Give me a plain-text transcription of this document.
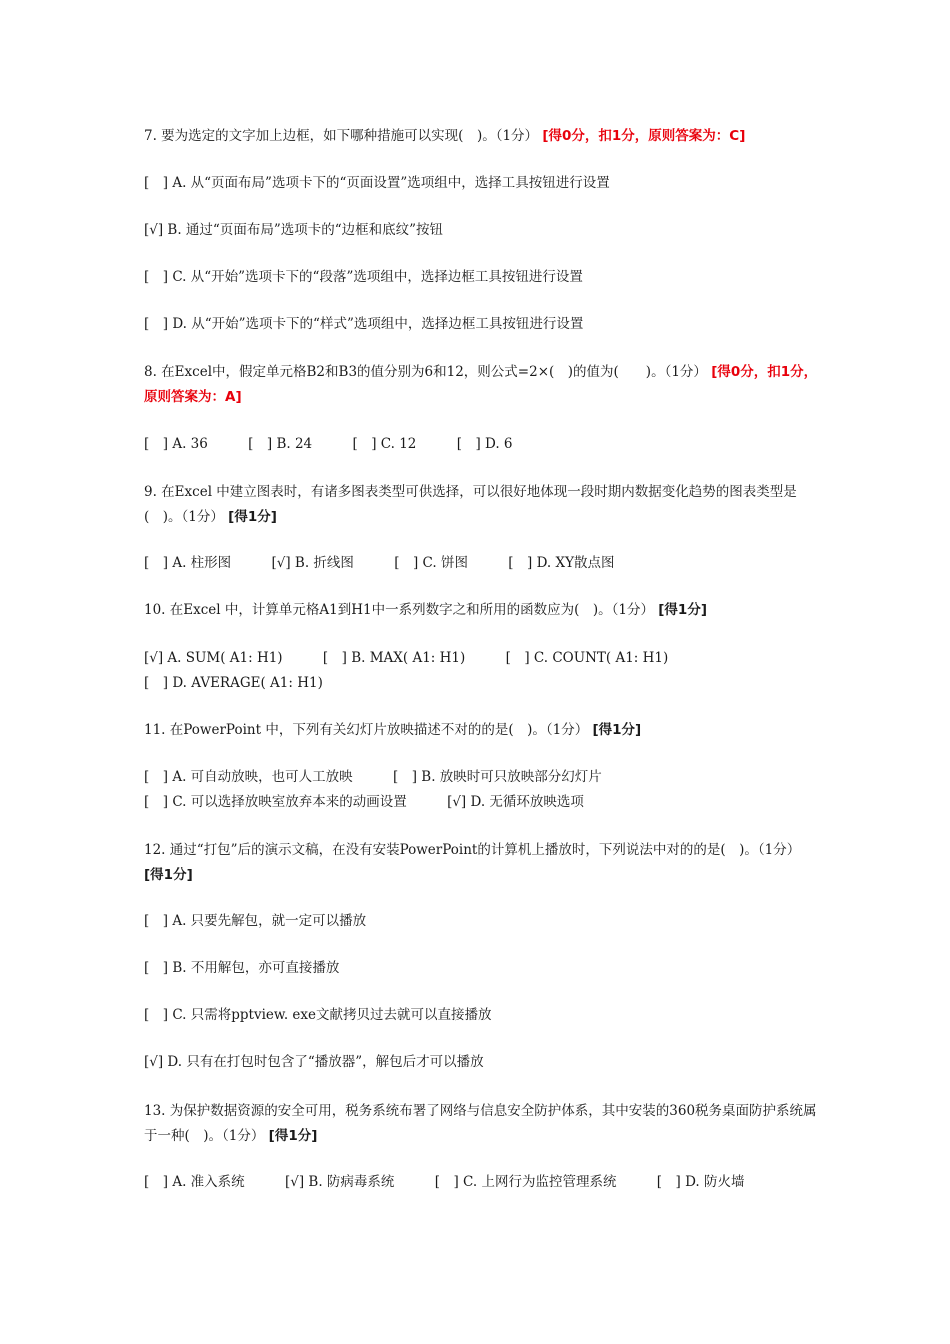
7. 要为选定的文字加上边框，如下哪种措施可以实现(　)。（1分） [得0分，扣1分，原则答案为：C]
[　] A. 从“页面布局”选项卡下的“页面设置”选项组中，选择工具按钮进行设置
[√] B. 通过“页面布局”选项卡的“边框和底纹”按钮
[　] C. 从“开始”选项卡下的“段落”选项组中，选择边框工具按钮进行设置
[　] D. 从“开始”选项卡下的“样式”选项组中，选择边框工具按钮进行设置
8. 在Excel中，假定单元格B2和B3的值分别为6和12，则公式=2×(　)的值为(　　)。（1分） [得0分，扣1分，原则答案为：A]
[　] A. 36	[　] B. 24	[　] C. 12	[　] D. 6
9. 在Excel 中建立图表时，有诸多图表类型可供选择，可以很好地体现一段时期内数据变化趋势的图表类型是(　)。（1分） [得1分]
[　] A. 柱形图	[√] B. 折线图	[　] C. 饼图	[　] D. XY散点图
10. 在Excel 中，计算单元格A1到H1中一系列数字之和所用的函数应为(　)。（1分） [得1分]
[√] A. SUM( A1: H1)	[　] B. MAX( A1: H1)	[　] C. COUNT( A1: H1) [　] D. AVERAGE( A1: H1)
11. 在PowerPoint 中，下列有关幻灯片放映描述不对的的是(　)。（1分） [得1分]
[　] A. 可自动放映，也可人工放映	[　] B. 放映时可只放映部分幻灯片 [　] C. 可以选择放映室放弃本来的动画设置	[√] D. 无循环放映选项
12. 通过“打包”后的演示文稿，在没有安装PowerPoint的计算机上播放时，下列说法中对的的是(　)。（1分） [得1分]
[　] A. 只要先解包，就一定可以播放
[　] B. 不用解包，亦可直接播放
[　] C. 只需将pptview. exe文献拷贝过去就可以直接播放
[√] D. 只有在打包时包含了“播放器”，解包后才可以播放
13. 为保护数据资源的安全可用，税务系统布署了网络与信息安全防护体系，其中安装的360税务桌面防护系统属于一种(　)。（1分） [得1分]
[　] A. 准入系统	[√] B. 防病毒系统	[　] C. 上网行为监控管理系统	[　] D. 防火墙
